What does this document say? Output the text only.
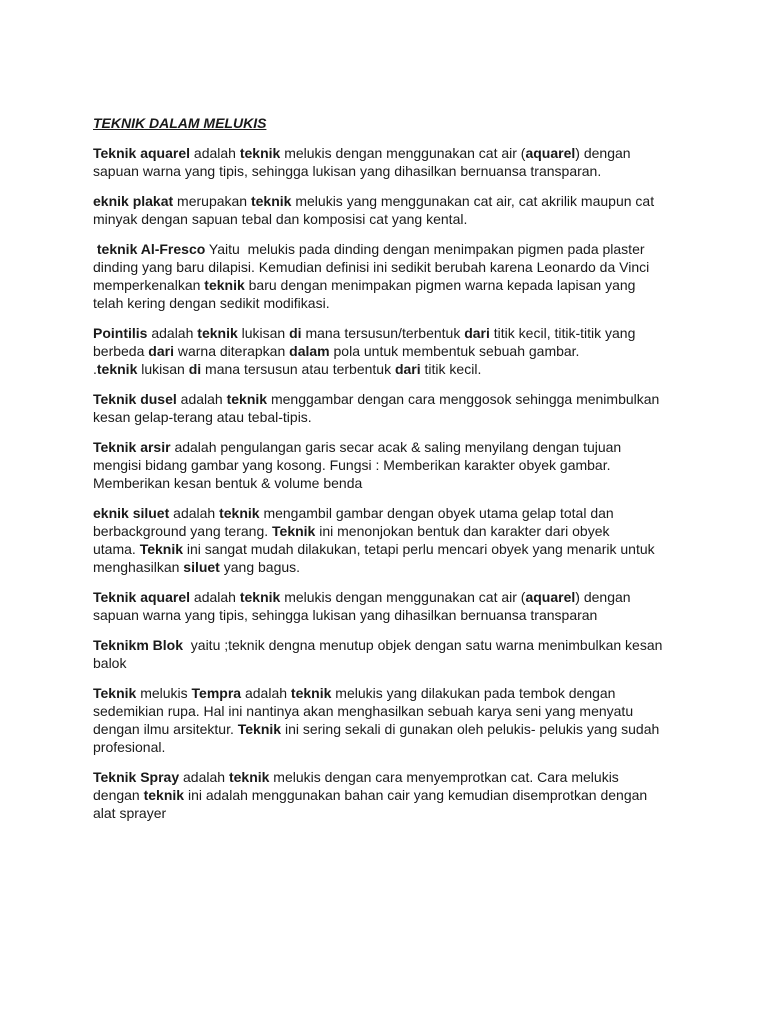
TEKNIK DALAM MELUKIS
Teknik aquarel adalah teknik melukis dengan menggunakan cat air (aquarel) dengan
sapuan warna yang tipis, sehingga lukisan yang dihasilkan bernuansa transparan.
eknik plakat merupakan teknik melukis yang menggunakan cat air, cat akrilik maupun cat
minyak dengan sapuan tebal dan komposisi cat yang kental.
teknik Al-Fresco Yaitu  melukis pada dinding dengan menimpakan pigmen pada plaster
dinding yang baru dilapisi. Kemudian definisi ini sedikit berubah karena Leonardo da Vinci
memperkenalkan teknik baru dengan menimpakan pigmen warna kepada lapisan yang
telah kering dengan sedikit modifikasi.
Pointilis adalah teknik lukisan di mana tersusun/terbentuk dari titik kecil, titik-titik yang
berbeda dari warna diterapkan dalam pola untuk membentuk sebuah gambar.
.teknik lukisan di mana tersusun atau terbentuk dari titik kecil.
Teknik dusel adalah teknik menggambar dengan cara menggosok sehingga menimbulkan
kesan gelap-terang atau tebal-tipis.
Teknik arsir adalah pengulangan garis secar acak & saling menyilang dengan tujuan
mengisi bidang gambar yang kosong. Fungsi : Memberikan karakter obyek gambar.
Memberikan kesan bentuk & volume benda
eknik siluet adalah teknik mengambil gambar dengan obyek utama gelap total dan
berbackground yang terang. Teknik ini menonjokan bentuk dan karakter dari obyek
utama. Teknik ini sangat mudah dilakukan, tetapi perlu mencari obyek yang menarik untuk
menghasilkan siluet yang bagus.
Teknik aquarel adalah teknik melukis dengan menggunakan cat air (aquarel) dengan
sapuan warna yang tipis, sehingga lukisan yang dihasilkan bernuansa transparan
Teknikm Blok  yaitu ;teknik dengna menutup objek dengan satu warna menimbulkan kesan
balok
Teknik melukis Tempra adalah teknik melukis yang dilakukan pada tembok dengan
sedemikian rupa. Hal ini nantinya akan menghasilkan sebuah karya seni yang menyatu
dengan ilmu arsitektur. Teknik ini sering sekali di gunakan oleh pelukis- pelukis yang sudah
profesional.
Teknik Spray adalah teknik melukis dengan cara menyemprotkan cat. Cara melukis
dengan teknik ini adalah menggunakan bahan cair yang kemudian disemprotkan dengan
alat sprayer
